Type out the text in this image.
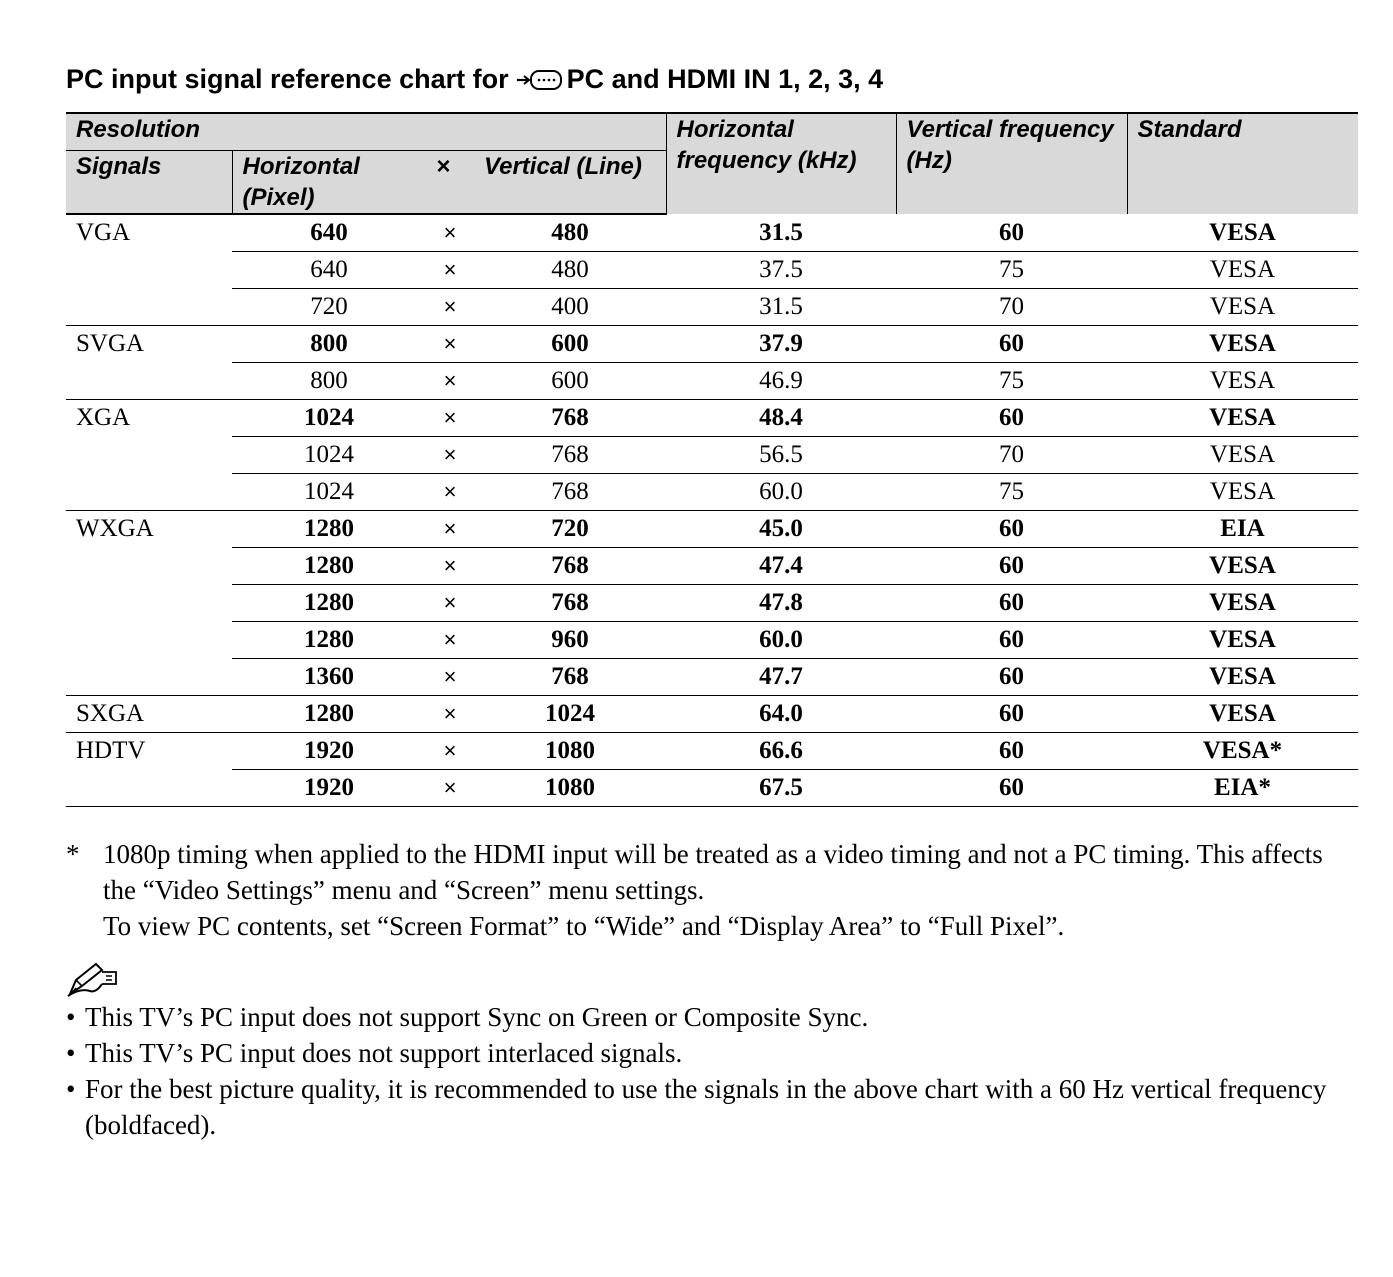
PC input signal reference chart for PC and HDMI IN 1, 2, 3, 4
Resolution				Horizontal frequency (kHz)	Vertical frequency (Hz)	Standard
Signals	Horizontal (Pixel)	×	Vertical (Line)			
VGA	640	×	480	31.5	60	VESA
	640	×	480	37.5	75	VESA
	720	×	400	31.5	70	VESA
SVGA	800	×	600	37.9	60	VESA
	800	×	600	46.9	75	VESA
XGA	1024	×	768	48.4	60	VESA
	1024	×	768	56.5	70	VESA
	1024	×	768	60.0	75	VESA
WXGA	1280	×	720	45.0	60	EIA
	1280	×	768	47.4	60	VESA
	1280	×	768	47.8	60	VESA
	1280	×	960	60.0	60	VESA
	1360	×	768	47.7	60	VESA
SXGA	1280	×	1024	64.0	60	VESA
HDTV	1920	×	1080	66.6	60	VESA*
	1920	×	1080	67.5	60	EIA*
* 1080p timing when applied to the HDMI input will be treated as a video timing and not a PC timing. This affects the “Video Settings” menu and “Screen” menu settings.
To view PC contents, set “Screen Format” to “Wide” and “Display Area” to “Full Pixel”.
• This TV’s PC input does not support Sync on Green or Composite Sync.
• This TV’s PC input does not support interlaced signals.
• For the best picture quality, it is recommended to use the signals in the above chart with a 60 Hz vertical frequency (boldfaced).
